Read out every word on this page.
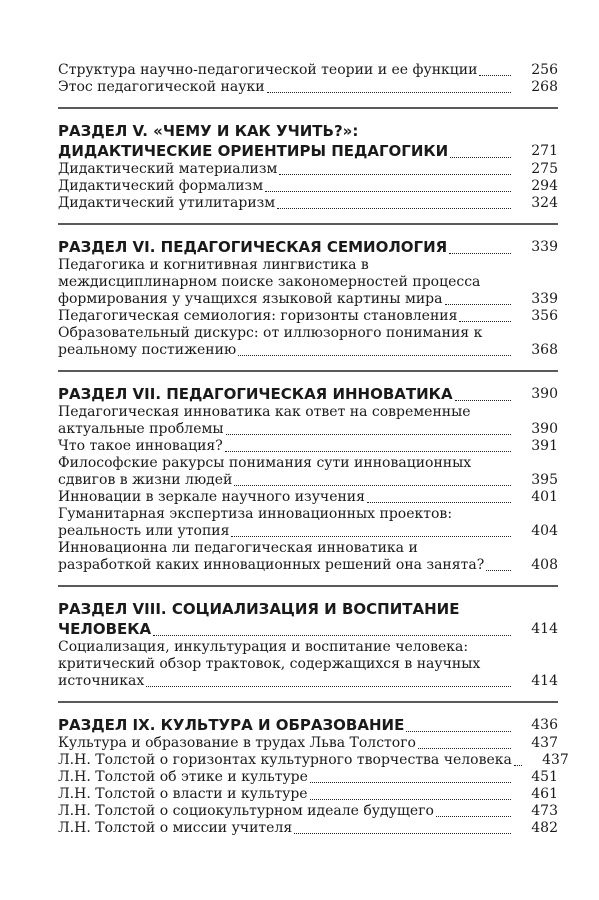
Структура научно-педагогической теории и ее функции	256
Этос педагогической науки	268
РАЗДЕЛ V. «ЧЕМУ И КАК УЧИТЬ?»:
ДИДАКТИЧЕСКИЕ ОРИЕНТИРЫ ПЕДАГОГИКИ	271
Дидактический материализм	275
Дидактический формализм	294
Дидактический утилитаризм	324
РАЗДЕЛ VI. ПЕДАГОГИЧЕСКАЯ СЕМИОЛОГИЯ	339
Педагогика и когнитивная лингвистика в
междисциплинарном поиске закономерностей процесса
формирования у учащихся языковой картины мира	339
Педагогическая семиология: горизонты становления	356
Образовательный дискурс: от иллюзорного понимания к
реальному постижению	368
РАЗДЕЛ VII. ПЕДАГОГИЧЕСКАЯ ИННОВАТИКА	390
Педагогическая инноватика как ответ на современные
актуальные проблемы	390
Что такое инновация?	391
Философские ракурсы понимания сути инновационных
сдвигов в жизни людей	395
Инновации в зеркале научного изучения	401
Гуманитарная экспертиза инновационных проектов:
реальность или утопия	404
Инновационна ли педагогическая инноватика и
разработкой каких инновационных решений она занята?	408
РАЗДЕЛ VIII. СОЦИАЛИЗАЦИЯ И ВОСПИТАНИЕ
ЧЕЛОВЕКА	414
Социализация, инкультурация и воспитание человека:
критический обзор трактовок, содержащихся в научных
источниках	414
РАЗДЕЛ IX. КУЛЬТУРА И ОБРАЗОВАНИЕ	436
Культура и образование в трудах Льва Толстого	437
Л.Н. Толстой о горизонтах культурного творчества человека	437
Л.Н. Толстой об этике и культуре	451
Л.Н. Толстой о власти и культуре	461
Л.Н. Толстой о социокультурном идеале будущего	473
Л.Н. Толстой о миссии учителя	482
